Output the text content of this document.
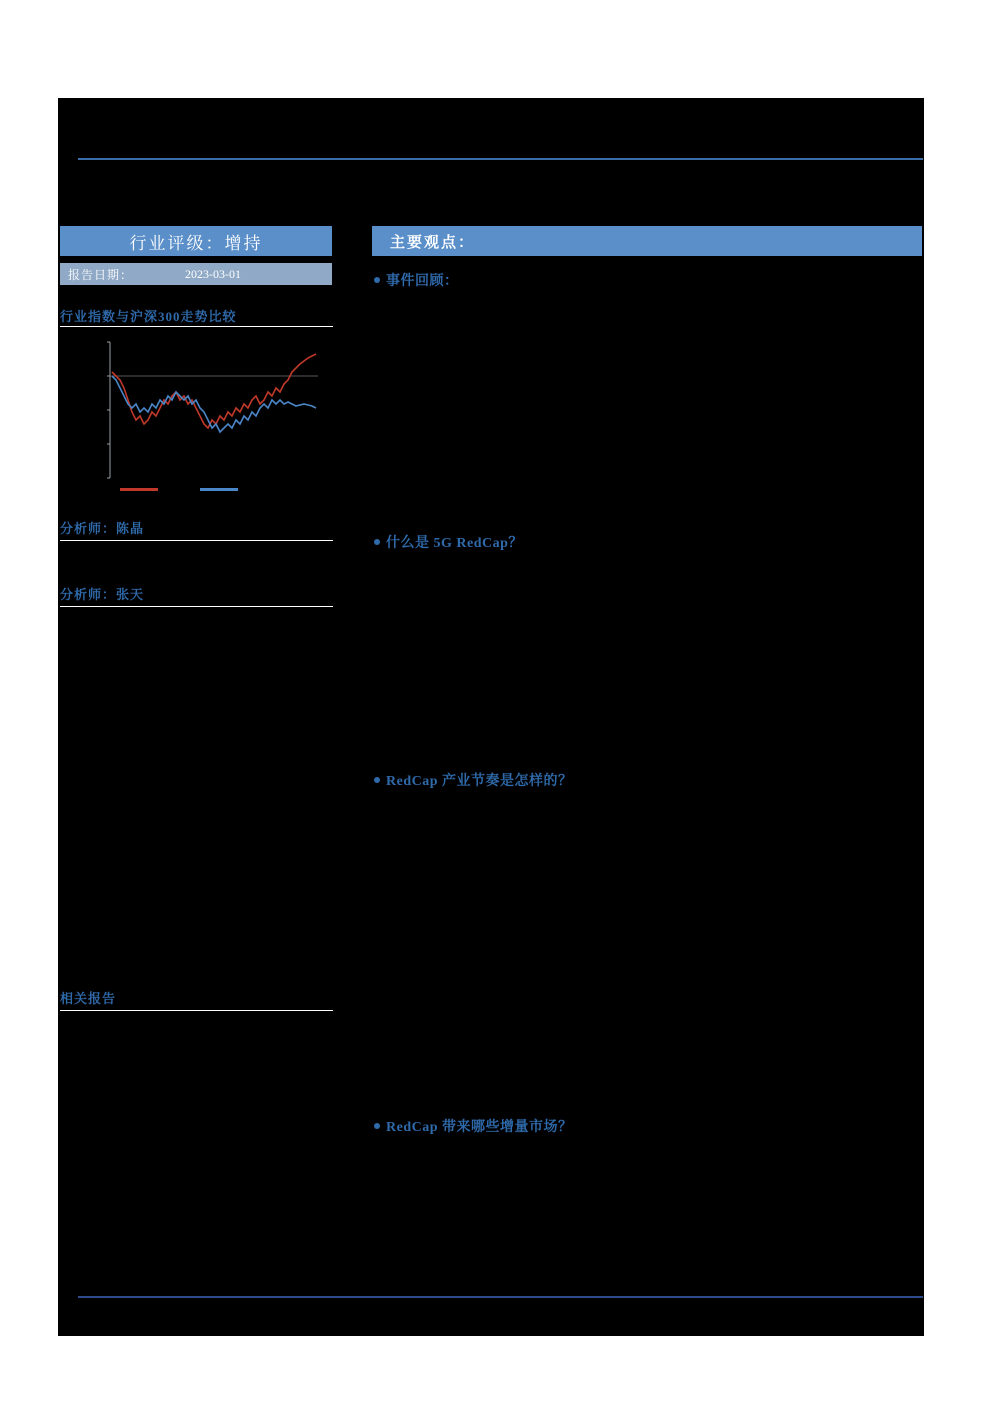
行业评级：增持
报告日期：	2023-03-01
行业指数与沪深300走势比较
分析师：陈晶
分析师：张天
相关报告
主要观点：
事件回顾：
什么是 5G RedCap？
RedCap 产业节奏是怎样的？
RedCap 带来哪些增量市场？
